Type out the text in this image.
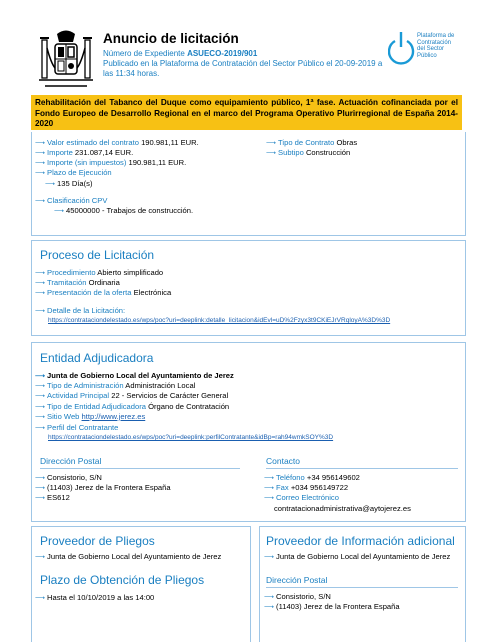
Anuncio de licitación
Número de Expediente ASUECO-2019/901
Publicado en la Plataforma de Contratación del Sector Público el 20-09-2019 a
las 11:34 horas.
Plataforma de
Contratación
del Sector
Público
Rehabilitación del Tabanco del Duque como equipamiento público, 1ª fase. Actuación cofinanciada por el Fondo Europeo de Desarrollo Regional en el marco del Programa Operativo Plurirregional de España 2014-2020
⟶ Valor estimado del contrato 190.981,11 EUR.
⟶ Importe 231.087,14 EUR.
⟶ Importe (sin impuestos) 190.981,11 EUR.
⟶ Plazo de Ejecución
⟶ 135 Día(s)
⟶ Clasificación CPV
⟶ 45000000 - Trabajos de construcción.
⟶ Tipo de Contrato Obras
⟶ Subtipo Construcción
Proceso de Licitación
⟶ Procedimiento Abierto simplificado
⟶ Tramitación Ordinaria
⟶ Presentación de la oferta Electrónica
⟶ Detalle de la Licitación:
https://contrataciondelestado.es/wps/poc?uri=deeplink:detalle_licitacion&idEvl=uD%2Fzyx3t9CKiEJrVRqloyA%3D%3D
Entidad Adjudicadora
⟶ Junta de Gobierno Local del Ayuntamiento de Jerez
⟶ Tipo de Administración Administración Local
⟶ Actividad Principal 22 - Servicios de Carácter General
⟶ Tipo de Entidad Adjudicadora Órgano de Contratación
⟶ Sitio Web http://www.jerez.es
⟶ Perfil del Contratante
https://contrataciondelestado.es/wps/poc?uri=deeplink:perfilContratante&idBp=rah94wmkSOY%3D
Dirección Postal
⟶ Consistorio, S/N
⟶ (11403) Jerez de la Frontera España
⟶ ES612
Contacto
⟶ Teléfono +34 956149602
⟶ Fax +034 956149722
⟶ Correo Electrónico
contratacionadministrativa@aytojerez.es
Proveedor de Pliegos
⟶ Junta de Gobierno Local del Ayuntamiento de Jerez
Plazo de Obtención de Pliegos
⟶ Hasta el 10/10/2019 a las 14:00
Proveedor de Información adicional
⟶ Junta de Gobierno Local del Ayuntamiento de Jerez
Dirección Postal
⟶ Consistorio, S/N
⟶ (11403) Jerez de la Frontera España
